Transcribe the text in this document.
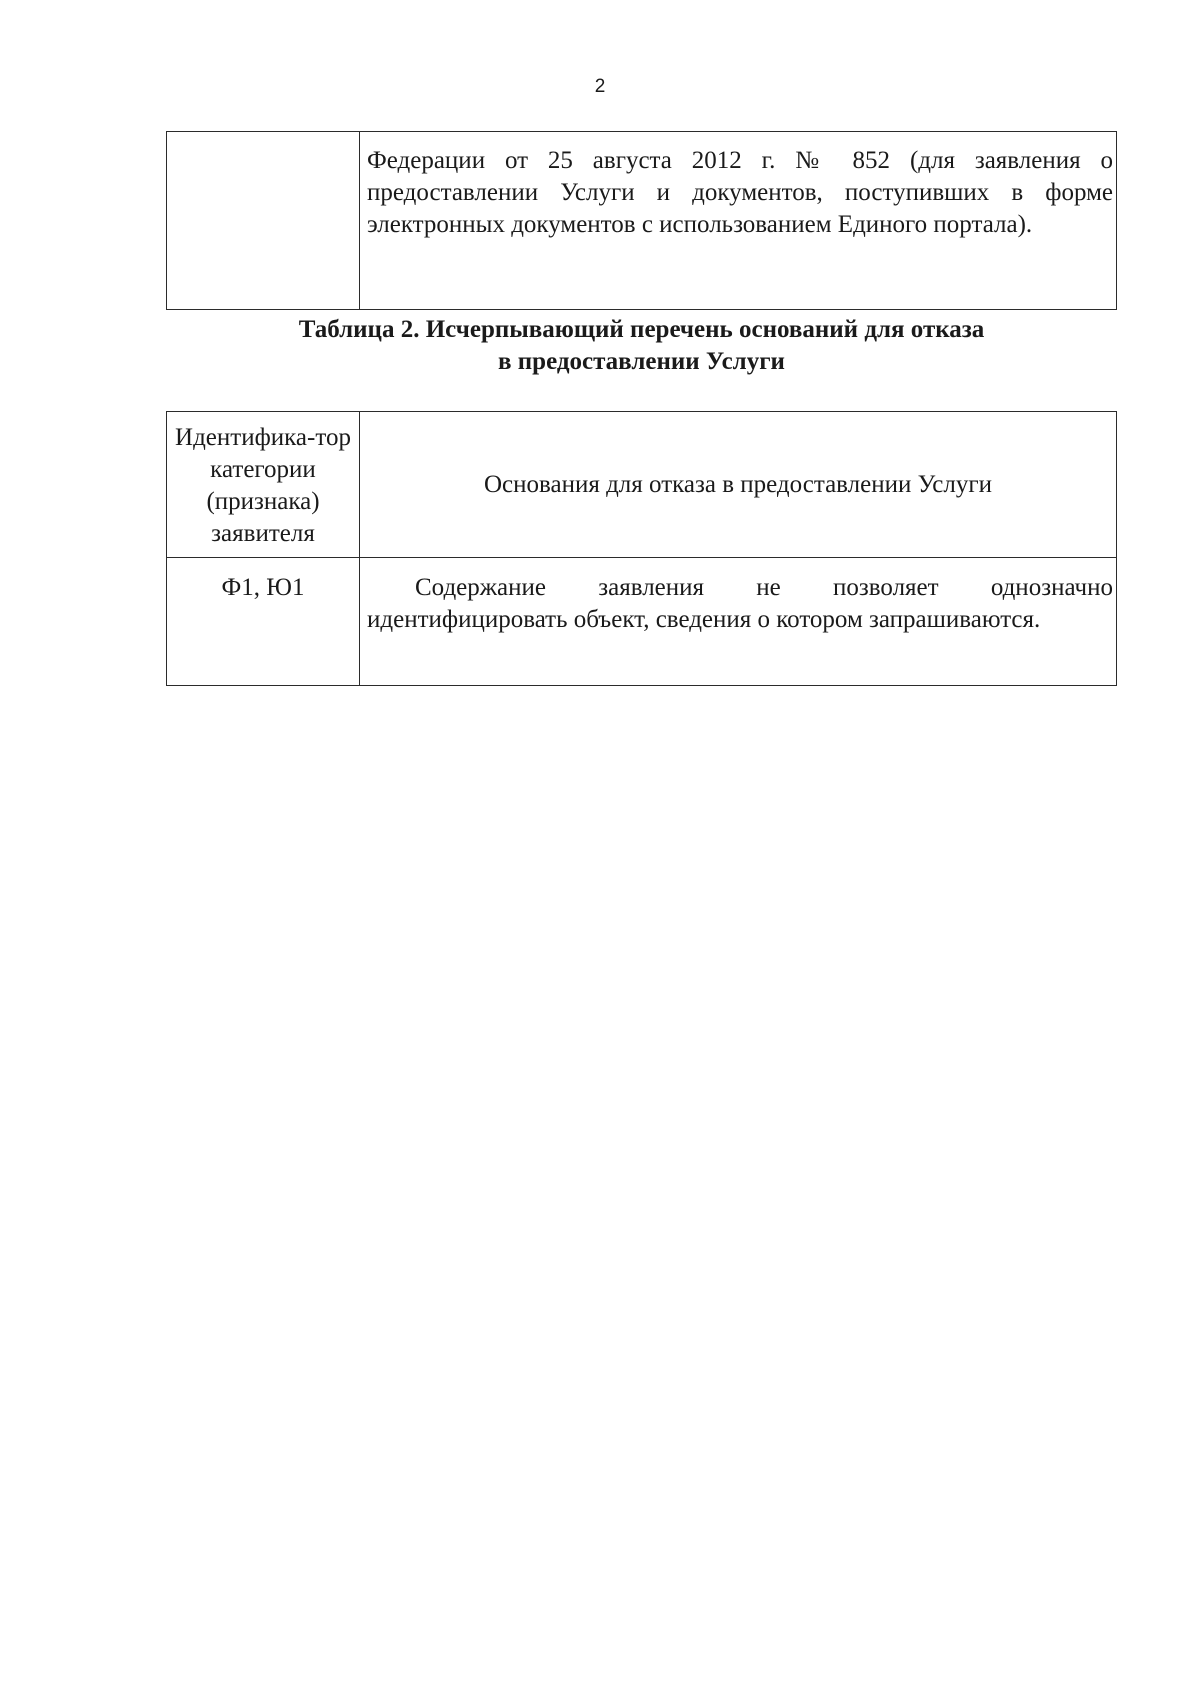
2

Федерации от 25 августа 2012 г. № 852 (для заявления о предоставлении Услуги и документов, поступивших в форме электронных документов с использованием Единого портала).
Таблица 2. Исчерпывающий перечень оснований для отказа
в предоставлении Услуги
Идентифика-тор категории (признака) заявителя	Основания для отказа в предоставлении Услуги

Ф1, Ю1	Содержание заявления не позволяет однозначно идентифицировать объект, сведения о котором запрашиваются.
